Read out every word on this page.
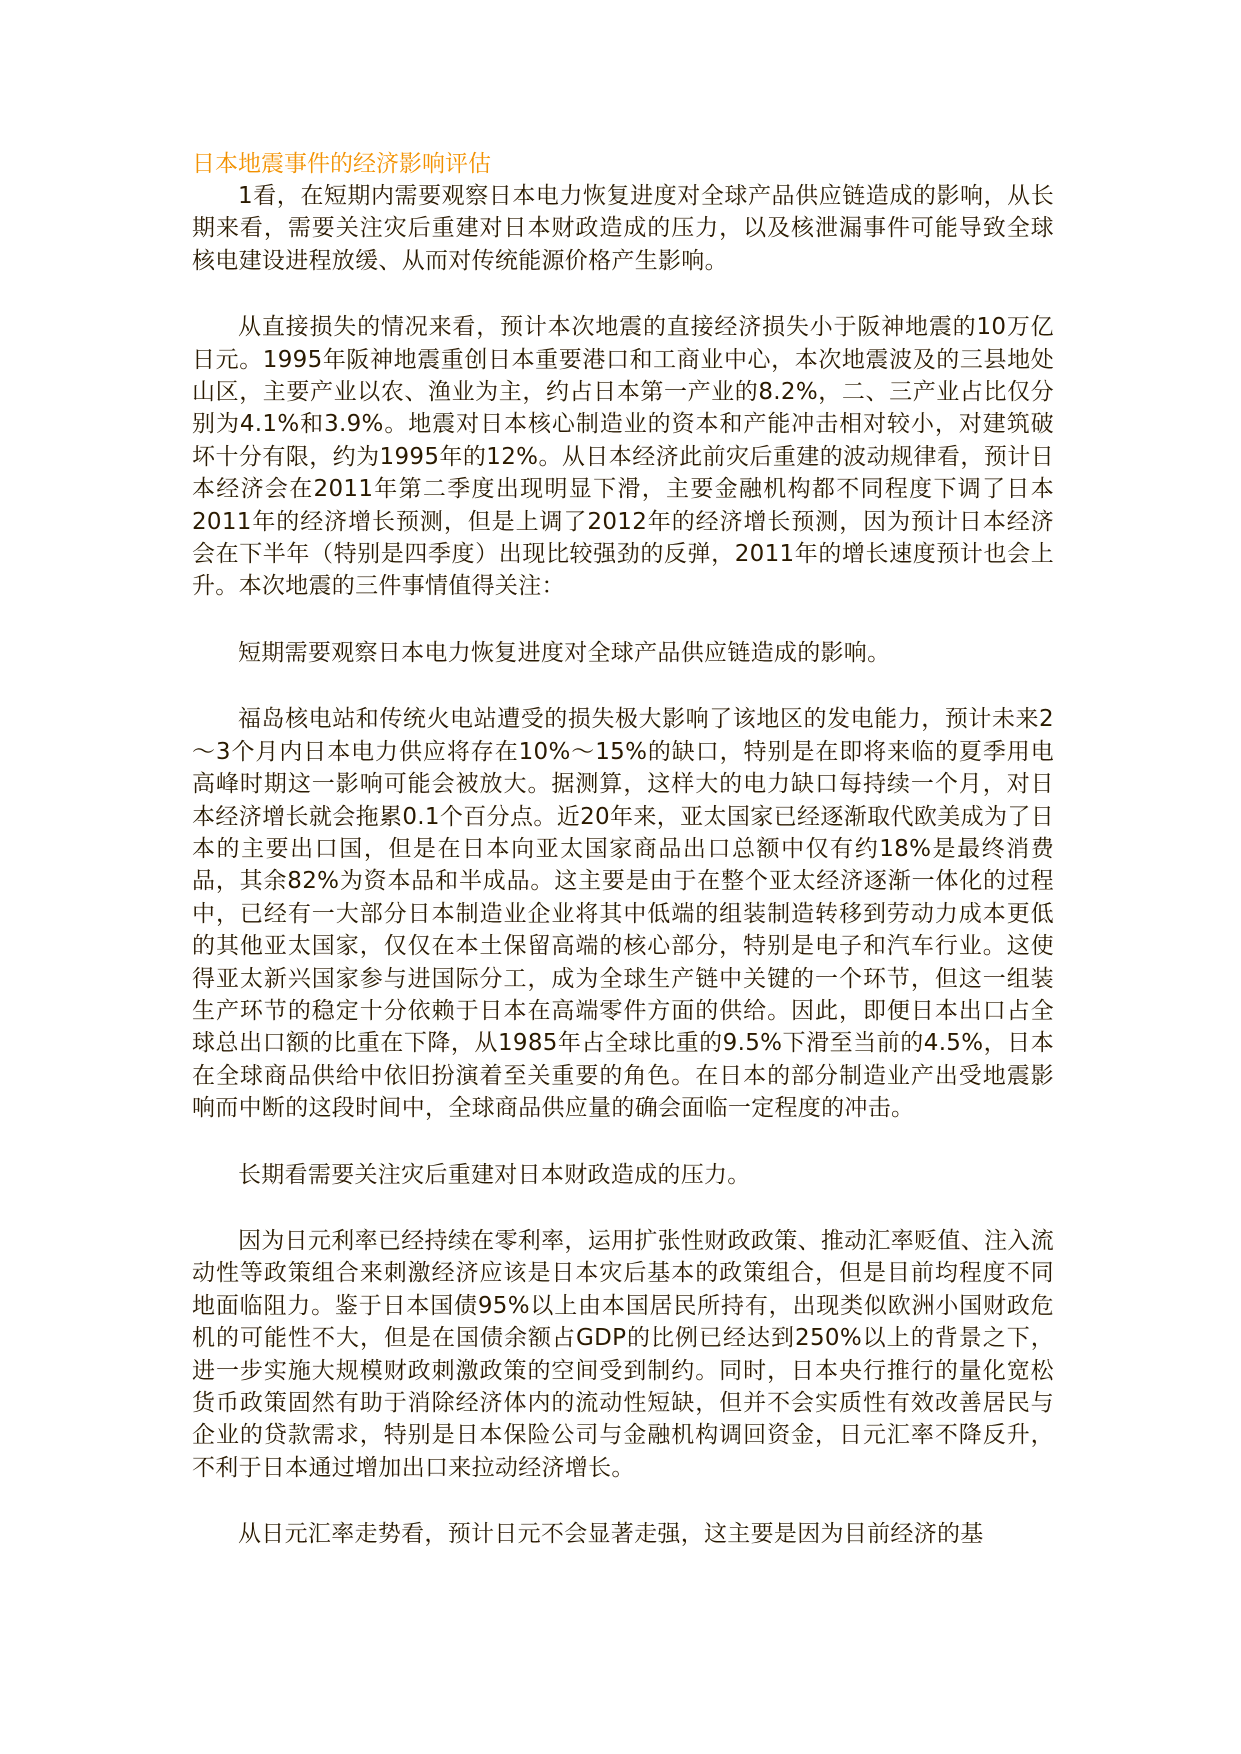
日本地震事件的经济影响评估

1看，在短期内需要观察日本电力恢复进度对全球产品供应链造成的影响，从长期来看，需要关注灾后重建对日本财政造成的压力，以及核泄漏事件可能导致全球核电建设进程放缓、从而对传统能源价格产生影响。

从直接损失的情况来看，预计本次地震的直接经济损失小于阪神地震的10万亿日元。1995年阪神地震重创日本重要港口和工商业中心，本次地震波及的三县地处山区，主要产业以农、渔业为主，约占日本第一产业的8.2%，二、三产业占比仅分别为4.1%和3.9%。地震对日本核心制造业的资本和产能冲击相对较小，对建筑破坏十分有限，约为1995年的12%。从日本经济此前灾后重建的波动规律看，预计日本经济会在2011年第二季度出现明显下滑，主要金融机构都不同程度下调了日本2011年的经济增长预测，但是上调了2012年的经济增长预测，因为预计日本经济会在下半年（特别是四季度）出现比较强劲的反弹，2011年的增长速度预计也会上升。本次地震的三件事情值得关注：

短期需要观察日本电力恢复进度对全球产品供应链造成的影响。

福岛核电站和传统火电站遭受的损失极大影响了该地区的发电能力，预计未来2～3个月内日本电力供应将存在10%～15%的缺口，特别是在即将来临的夏季用电高峰时期这一影响可能会被放大。据测算，这样大的电力缺口每持续一个月，对日本经济增长就会拖累0.1个百分点。近20年来，亚太国家已经逐渐取代欧美成为了日本的主要出口国，但是在日本向亚太国家商品出口总额中仅有约18%是最终消费品，其余82%为资本品和半成品。这主要是由于在整个亚太经济逐渐一体化的过程中，已经有一大部分日本制造业企业将其中低端的组装制造转移到劳动力成本更低的其他亚太国家，仅仅在本土保留高端的核心部分，特别是电子和汽车行业。这使得亚太新兴国家参与进国际分工，成为全球生产链中关键的一个环节，但这一组装生产环节的稳定十分依赖于日本在高端零件方面的供给。因此，即便日本出口占全球总出口额的比重在下降，从1985年占全球比重的9.5%下滑至当前的4.5%，日本在全球商品供给中依旧扮演着至关重要的角色。在日本的部分制造业产出受地震影响而中断的这段时间中，全球商品供应量的确会面临一定程度的冲击。

长期看需要关注灾后重建对日本财政造成的压力。

因为日元利率已经持续在零利率，运用扩张性财政政策、推动汇率贬值、注入流动性等政策组合来刺激经济应该是日本灾后基本的政策组合，但是目前均程度不同地面临阻力。鉴于日本国债95%以上由本国居民所持有，出现类似欧洲小国财政危机的可能性不大，但是在国债余额占GDP的比例已经达到250%以上的背景之下，进一步实施大规模财政刺激政策的空间受到制约。同时，日本央行推行的量化宽松货币政策固然有助于消除经济体内的流动性短缺，但并不会实质性有效改善居民与企业的贷款需求，特别是日本保险公司与金融机构调回资金，日元汇率不降反升，不利于日本通过增加出口来拉动经济增长。

从日元汇率走势看，预计日元不会显著走强，这主要是因为目前经济的基
